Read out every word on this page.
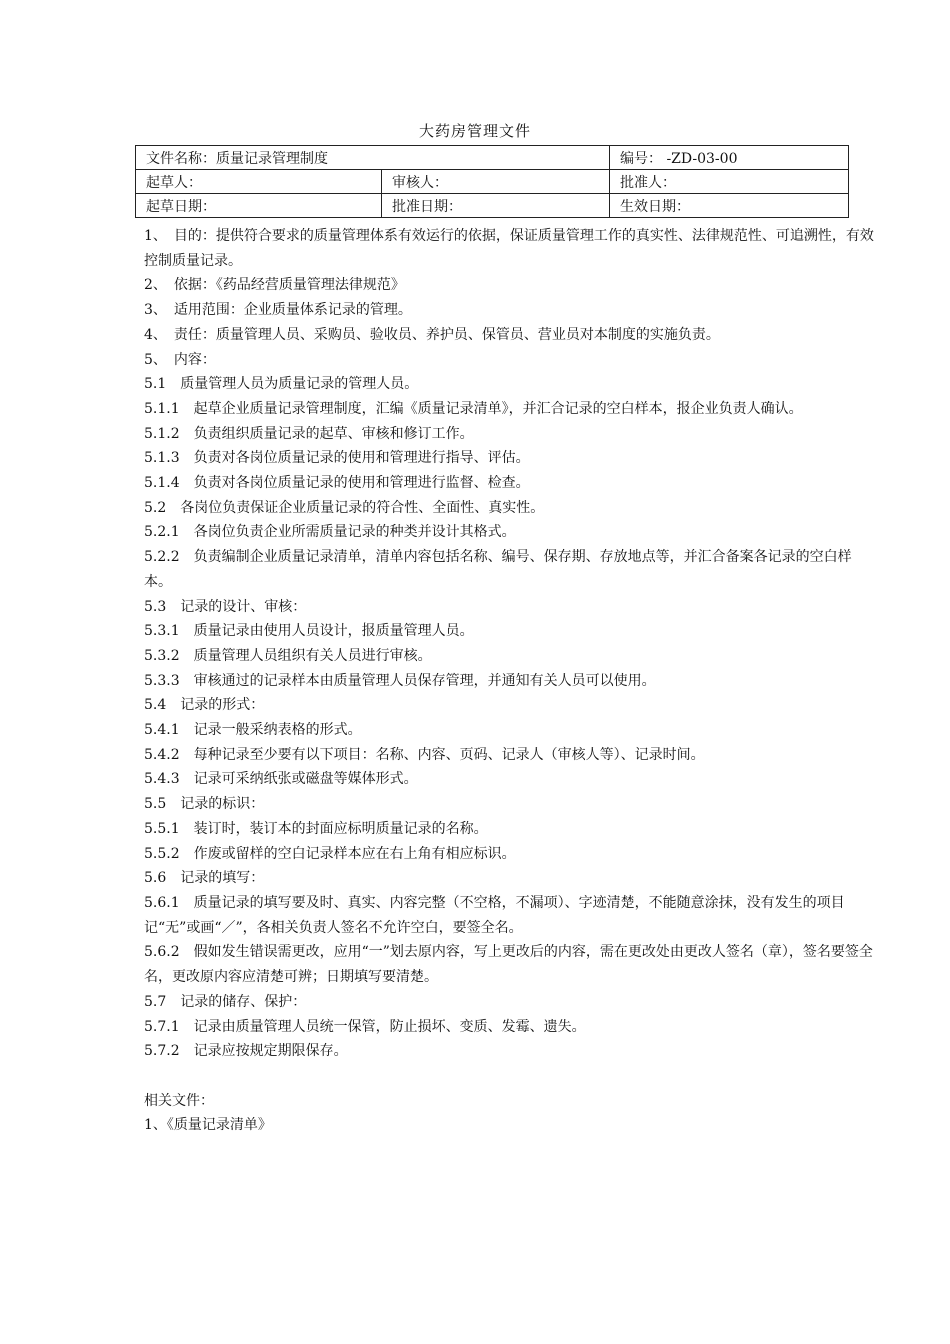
大药房管理文件
文件名称：质量记录管理制度		编号： -ZD-03-00
起草人：	审核人：	批准人：
起草日期：	批准日期：	生效日期：
1、　目的：提供符合要求的质量管理体系有效运行的依据，保证质量管理工作的真实性、法律规范性、可追溯性，有效控制质量记录。
2、　依据：《药品经营质量管理法律规范》
3、　适用范围：企业质量体系记录的管理。
4、　责任：质量管理人员、采购员、验收员、养护员、保管员、营业员对本制度的实施负责。
5、　内容：
5.1　质量管理人员为质量记录的管理人员。
5.1.1　起草企业质量记录管理制度，汇编《质量记录清单》，并汇合记录的空白样本，报企业负责人确认。
5.1.2　负责组织质量记录的起草、审核和修订工作。
5.1.3　负责对各岗位质量记录的使用和管理进行指导、评估。
5.1.4　负责对各岗位质量记录的使用和管理进行监督、检查。
5.2　各岗位负责保证企业质量记录的符合性、全面性、真实性。
5.2.1　各岗位负责企业所需质量记录的种类并设计其格式。
5.2.2　负责编制企业质量记录清单，清单内容包括名称、编号、保存期、存放地点等，并汇合备案各记录的空白样本。
5.3　记录的设计、审核：
5.3.1　质量记录由使用人员设计，报质量管理人员。
5.3.2　质量管理人员组织有关人员进行审核。
5.3.3　审核通过的记录样本由质量管理人员保存管理，并通知有关人员可以使用。
5.4　记录的形式：
5.4.1　记录一般采纳表格的形式。
5.4.2　每种记录至少要有以下项目：名称、内容、页码、记录人（审核人等）、记录时间。
5.4.3　记录可采纳纸张或磁盘等媒体形式。
5.5　记录的标识：
5.5.1　装订时，装订本的封面应标明质量记录的名称。
5.5.2　作废或留样的空白记录样本应在右上角有相应标识。
5.6　记录的填写：
5.6.1　质量记录的填写要及时、真实、内容完整（不空格，不漏项）、字迹清楚，不能随意涂抹，没有发生的项目记“无”或画“／”，各相关负责人签名不允许空白，要签全名。
5.6.2　假如发生错误需更改，应用“一”划去原内容，写上更改后的内容，需在更改处由更改人签名（章），签名要签全名，更改原内容应清楚可辨；日期填写要清楚。
5.7　记录的储存、保护：
5.7.1　记录由质量管理人员统一保管，防止损坏、变质、发霉、遗失。
5.7.2　记录应按规定期限保存。
相关文件：
1、《质量记录清单》
